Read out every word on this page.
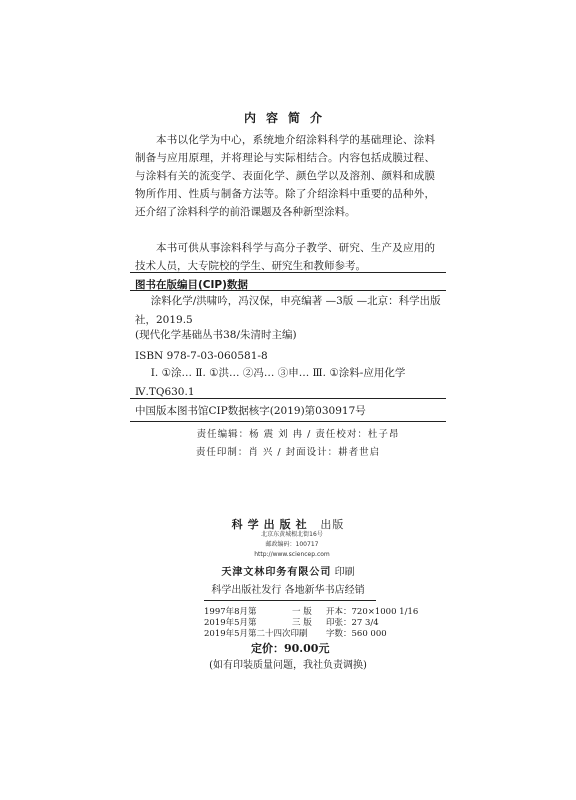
内容简介

本书以化学为中心，系统地介绍涂料科学的基础理论、涂料制备与应用原理，并将理论与实际相结合。内容包括成膜过程、与涂料有关的流变学、表面化学、颜色学以及溶剂、颜料和成膜物所作用、性质与制备方法等。除了介绍涂料中重要的品种外，还介绍了涂料科学的前沿课题及各种新型涂料。

本书可供从事涂料科学与高分子教学、研究、生产及应用的技术人员，大专院校的学生、研究生和教师参考。

图书在版编目(CIP)数据

涂料化学/洪啸吟，冯汉保，申亮编著 —3版 —北京：科学出版社，2019.5

(现代化学基础丛书38/朱清时主编)

ISBN 978-7-03-060581-8

Ⅰ. ①涂… Ⅱ. ①洪… ②冯… ③申… Ⅲ. ①涂料-应用化学 Ⅳ.TQ630.1

中国版本图书馆CIP数据核字(2019)第030917号

责任编辑：杨 震 刘 冉 / 责任校对：杜子昂
责任印制：肖 兴 / 封面设计：耕者世启
科学出版社 出版
北京东黄城根北街16号
邮政编码：100717
http://www.sciencep.com
天津文林印务有限公司 印刷
科学出版社发行 各地新华书店经销
1997年8月第	一 版 开本：720×1000 1/16
2019年5月第	三 版 印张：27 3/4
2019年5月第二十四次印刷 字数：560 000
定价：90.00元
(如有印装质量问题，我社负责调换)
